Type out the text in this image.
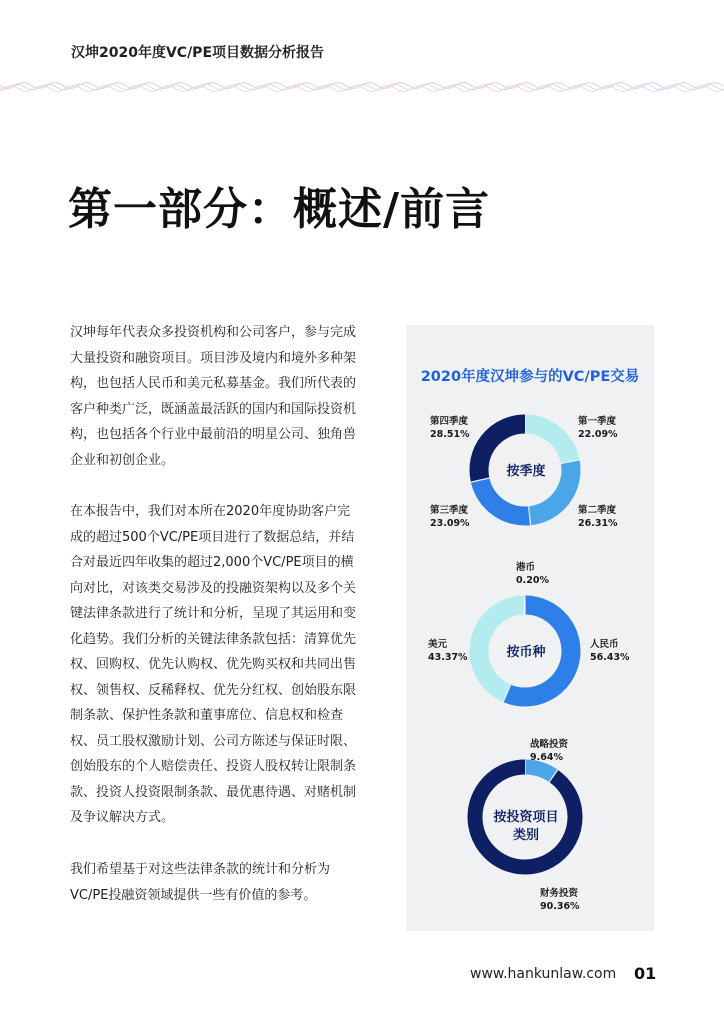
汉坤2020年度VC/PE项目数据分析报告
第一部分：概述/前言

汉坤每年代表众多投资机构和公司客户，参与完成大量投资和融资项目。项目涉及境内和境外多种架构，也包括人民币和美元私募基金。我们所代表的客户种类广泛，既涵盖最活跃的国内和国际投资机构，也包括各个行业中最前沿的明星公司、独角兽企业和初创企业。

在本报告中，我们对本所在2020年度协助客户完成的超过500个VC/PE项目进行了数据总结，并结合对最近四年收集的超过2,000个VC/PE项目的横向对比，对该类交易涉及的投融资架构以及多个关键法律条款进行了统计和分析，呈现了其运用和变化趋势。我们分析的关键法律条款包括：清算优先权、回购权、优先认购权、优先购买权和共同出售权、领售权、反稀释权、优先分红权、创始股东限制条款、保护性条款和董事席位、信息权和检查权、员工股权激励计划、公司方陈述与保证时限、创始股东的个人赔偿责任、投资人股权转让限制条款、投资人投资限制条款、最优惠待遇、对赌机制及争议解决方式。

我们希望基于对这些法律条款的统计和分析为VC/PE投融资领域提供一些有价值的参考。

2020年度汉坤参与的VC/PE交易
第四季度
28.51%
第一季度
22.09%
第三季度
23.09%
第二季度
26.31%
按季度
港币
0.20%
人民币
56.43%
美元
43.37%	按币种
战略投资
9.64%
财务投资
90.36%
按投资项目
类别
www.hankunlaw.com 01
